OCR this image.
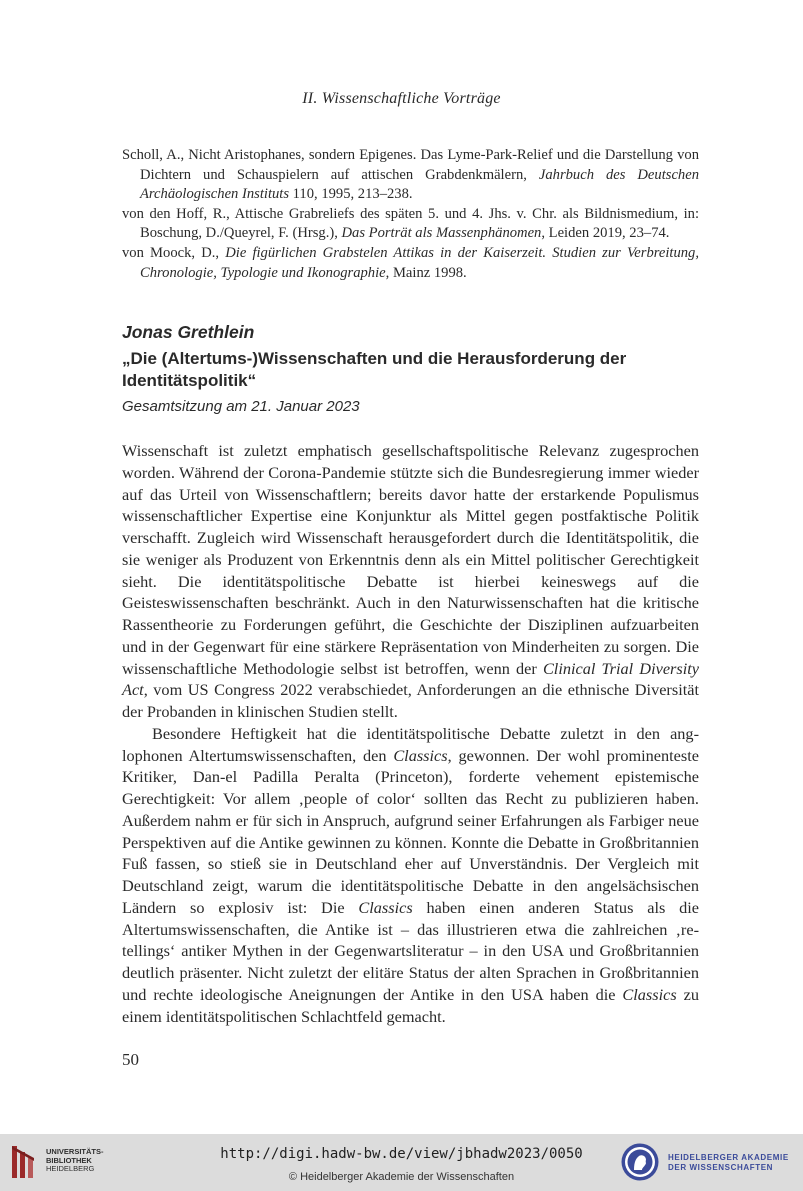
II. Wissenschaftliche Vorträge
Scholl, A., Nicht Aristophanes, sondern Epigenes. Das Lyme-Park-Relief und die Darstellung von Dichtern und Schauspielern auf attischen Grabdenkmälern, Jahrbuch des Deutschen Archäologischen Instituts 110, 1995, 213–238.
von den Hoff, R., Attische Grabreliefs des späten 5. und 4. Jhs. v. Chr. als Bildnismedium, in: Boschung, D./Queyrel, F. (Hrsg.), Das Porträt als Massenphänomen, Leiden 2019, 23–74.
von Moock, D., Die figürlichen Grabstelen Attikas in der Kaiserzeit. Studien zur Verbreitung, Chronologie, Typologie und Ikonographie, Mainz 1998.
Jonas Grethlein
„Die (Altertums-)Wissenschaften und die Herausforderung der Identitätspolitik“
Gesamtsitzung am 21. Januar 2023

Wissenschaft ist zuletzt emphatisch gesellschaftspolitische Relevanz zugesprochen worden. Während der Corona-Pandemie stützte sich die Bundesregierung immer wieder auf das Urteil von Wissenschaftlern; bereits davor hatte der erstarkende Populismus wissenschaftlicher Expertise eine Konjunktur als Mittel gegen postfaktische Politik verschafft. Zugleich wird Wissenschaft herausgefordert durch die Identitätspolitik, die sie weniger als Produzent von Erkenntnis denn als ein Mittel politischer Gerechtigkeit sieht. Die identitätspolitische Debatte ist hierbei keineswegs auf die Geisteswissenschaften beschränkt. Auch in den Naturwissenschaften hat die kritische Rassentheorie zu Forderungen geführt, die Geschichte der Disziplinen aufzuarbeiten und in der Gegenwart für eine stärkere Repräsentation von Minderheiten zu sorgen. Die wissenschaftliche Methodologie selbst ist betroffen, wenn der Clinical Trial Diversity Act, vom US Congress 2022 verabschiedet, Anforderungen an die ethnische Diversität der Probanden in klinischen Studien stellt.

Besondere Heftigkeit hat die identitätspolitische Debatte zuletzt in den anglophonen Altertumswissenschaften, den Classics, gewonnen. Der wohl prominenteste Kritiker, Dan-el Padilla Peralta (Princeton), forderte vehement epistemische Gerechtigkeit: Vor allem ‚people of color‘ sollten das Recht zu publizieren haben. Außerdem nahm er für sich in Anspruch, aufgrund seiner Erfahrungen als Farbiger neue Perspektiven auf die Antike gewinnen zu können. Konnte die Debatte in Großbritannien Fuß fassen, so stieß sie in Deutschland eher auf Unverständnis. Der Vergleich mit Deutschland zeigt, warum die identitätspolitische Debatte in den angelsächsischen Ländern so explosiv ist: Die Classics haben einen anderen Status als die Altertumswissenschaften, die Antike ist – das illustrieren etwa die zahlreichen ‚re-tellings‘ antiker Mythen in der Gegenwartsliteratur – in den USA und Großbritannien deutlich präsenter. Nicht zuletzt der elitäre Status der alten Sprachen in Großbritannien und rechte ideologische Aneignungen der Antike in den USA haben die Classics zu einem identitätspolitischen Schlachtfeld gemacht.

50
UNIVERSITÄTS-
BIBLIOTHEK
HEIDELBERG
http://digi.hadw-bw.de/view/jbhadw2023/0050
© Heidelberger Akademie der Wissenschaften
HEIDELBERGER AKADEMIE
DER WISSENSCHAFTEN
